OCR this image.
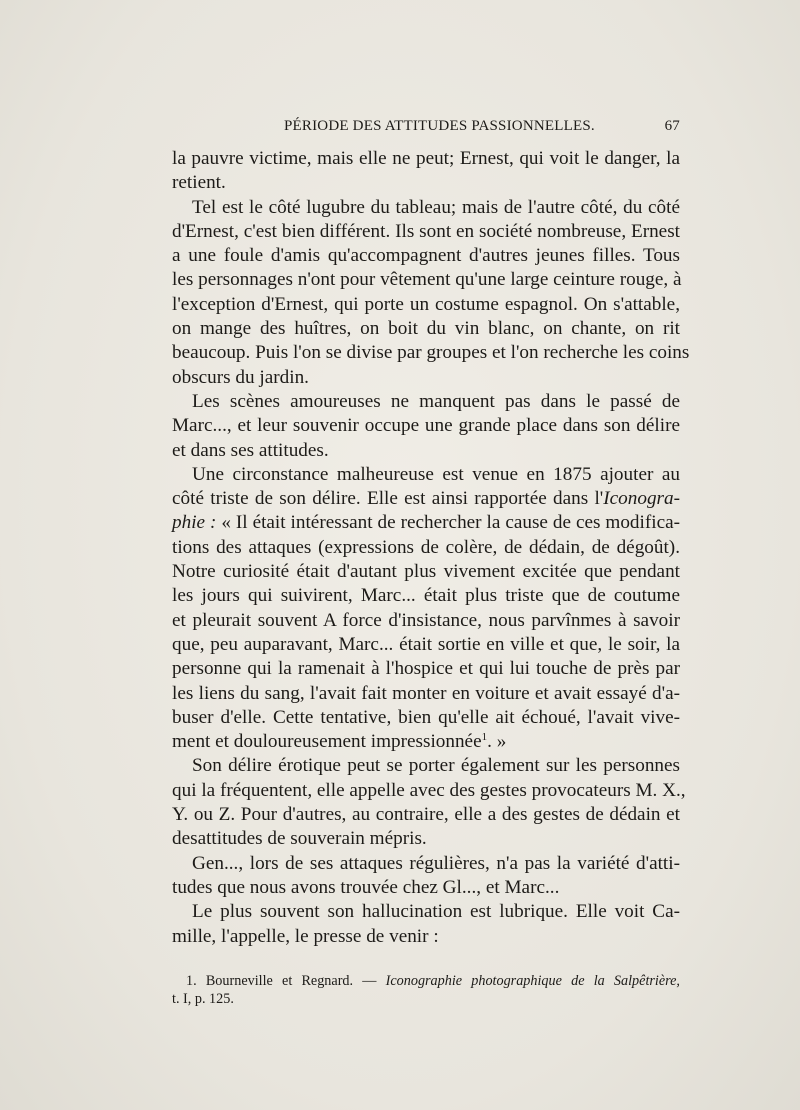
PÉRIODE DES ATTITUDES PASSIONNELLES.	67
la pauvre victime, mais elle ne peut; Ernest, qui voit le danger, la
retient.
Tel est le côté lugubre du tableau; mais de l'autre côté, du côté
d'Ernest, c'est bien différent. Ils sont en société nombreuse, Ernest
a une foule d'amis qu'accompagnent d'autres jeunes filles. Tous
les personnages n'ont pour vêtement qu'une large ceinture rouge, à
l'exception d'Ernest, qui porte un costume espagnol. On s'attable,
on mange des huîtres, on boit du vin blanc, on chante, on rit
beaucoup. Puis l'on se divise par groupes et l'on recherche les coins
obscurs du jardin.
Les scènes amoureuses ne manquent pas dans le passé de
Marc..., et leur souvenir occupe une grande place dans son délire
et dans ses attitudes.
Une circonstance malheureuse est venue en 1875 ajouter au
côté triste de son délire. Elle est ainsi rapportée dans l'Iconogra-
phie : « Il était intéressant de rechercher la cause de ces modifica-
tions des attaques (expressions de colère, de dédain, de dégoût).
Notre curiosité était d'autant plus vivement excitée que pendant
les jours qui suivirent, Marc... était plus triste que de coutume
et pleurait souvent A force d'insistance, nous parvînmes à savoir
que, peu auparavant, Marc... était sortie en ville et que, le soir, la
personne qui la ramenait à l'hospice et qui lui touche de près par
les liens du sang, l'avait fait monter en voiture et avait essayé d'a-
buser d'elle. Cette tentative, bien qu'elle ait échoué, l'avait vive-
ment et douloureusement impressionnée$^1$. »
Son délire érotique peut se porter également sur les personnes
qui la fréquentent, elle appelle avec des gestes provocateurs M. X.,
Y. ou Z. Pour d'autres, au contraire, elle a des gestes de dédain et
desattitudes de souverain mépris.
Gen..., lors de ses attaques régulières, n'a pas la variété d'atti-
tudes que nous avons trouvée chez Gl..., et Marc...
Le plus souvent son hallucination est lubrique. Elle voit Ca-
mille, l'appelle, le presse de venir :
1. Bourneville et Regnard. — Iconographie photographique de la Salpêtrière,
t. I, p. 125.
